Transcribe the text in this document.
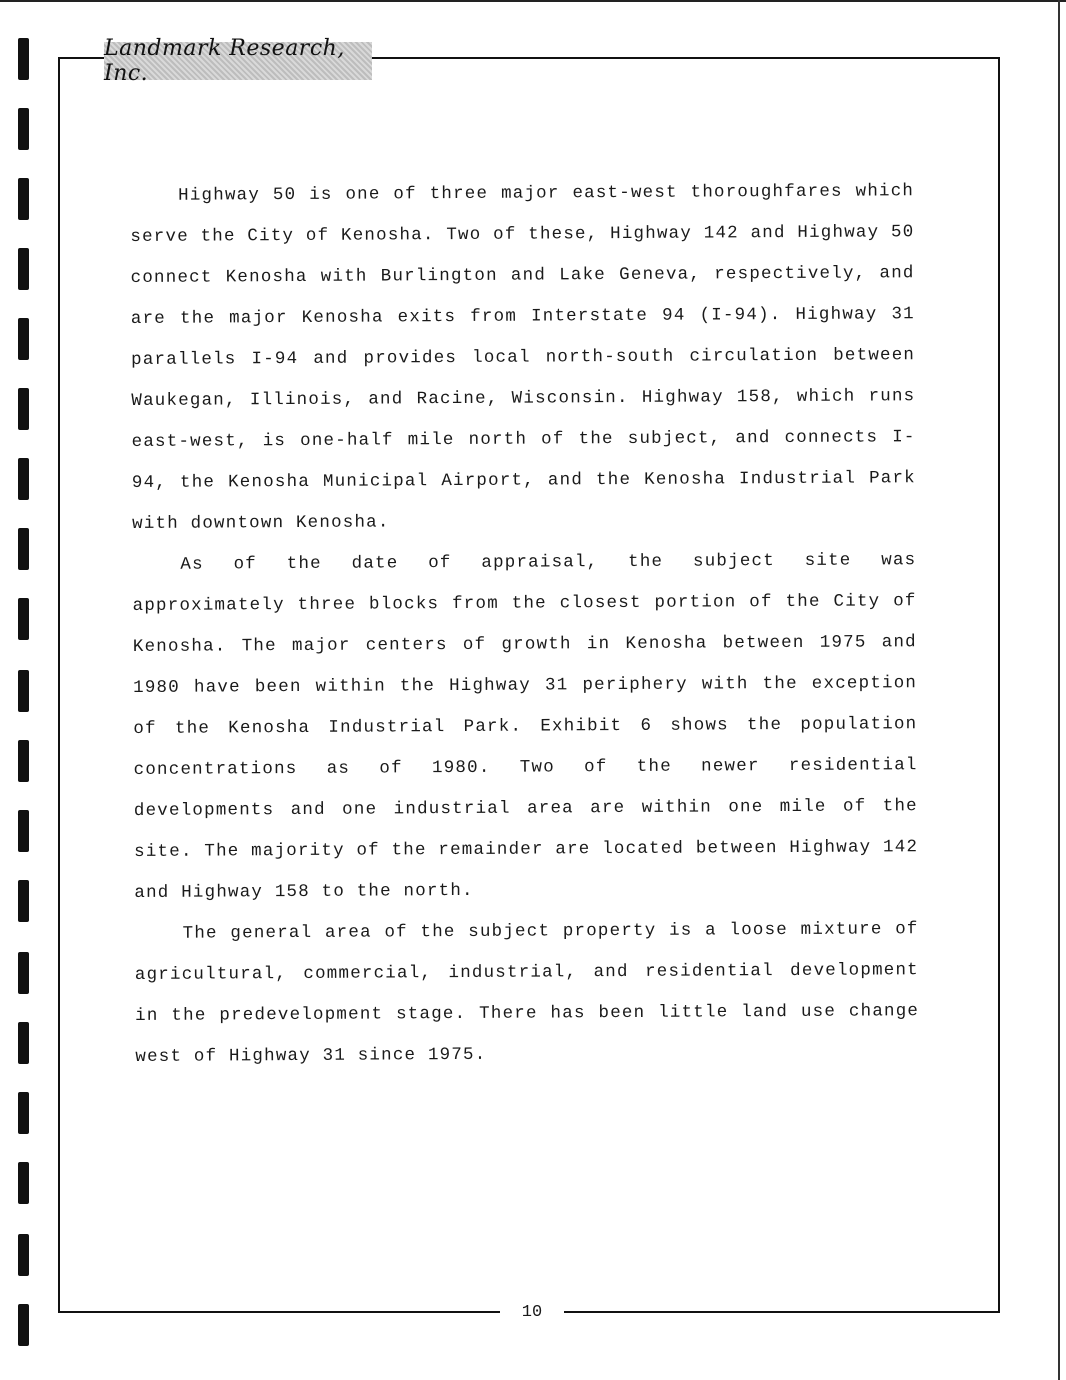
Landmark Research, Inc.

Highway 50 is one of three major east-west thoroughfares which serve the City of Kenosha. Two of these, Highway 142 and Highway 50 connect Kenosha with Burlington and Lake Geneva, respectively, and are the major Kenosha exits from Interstate 94 (I-94). Highway 31 parallels I-94 and provides local north-south circulation between Waukegan, Illinois, and Racine, Wisconsin. Highway 158, which runs east-west, is one-half mile north of the subject, and connects I-94, the Kenosha Municipal Airport, and the Kenosha Industrial Park with downtown Kenosha.

As of the date of appraisal, the subject site was approximately three blocks from the closest portion of the City of Kenosha. The major centers of growth in Kenosha between 1975 and 1980 have been within the Highway 31 periphery with the exception of the Kenosha Industrial Park. Exhibit 6 shows the population concentrations as of 1980. Two of the newer residential developments and one industrial area are within one mile of the site. The majority of the remainder are located between Highway 142 and Highway 158 to the north.

The general area of the subject property is a loose mixture of agricultural, commercial, industrial, and residential development in the predevelopment stage. There has been little land use change west of Highway 31 since 1975.

10
